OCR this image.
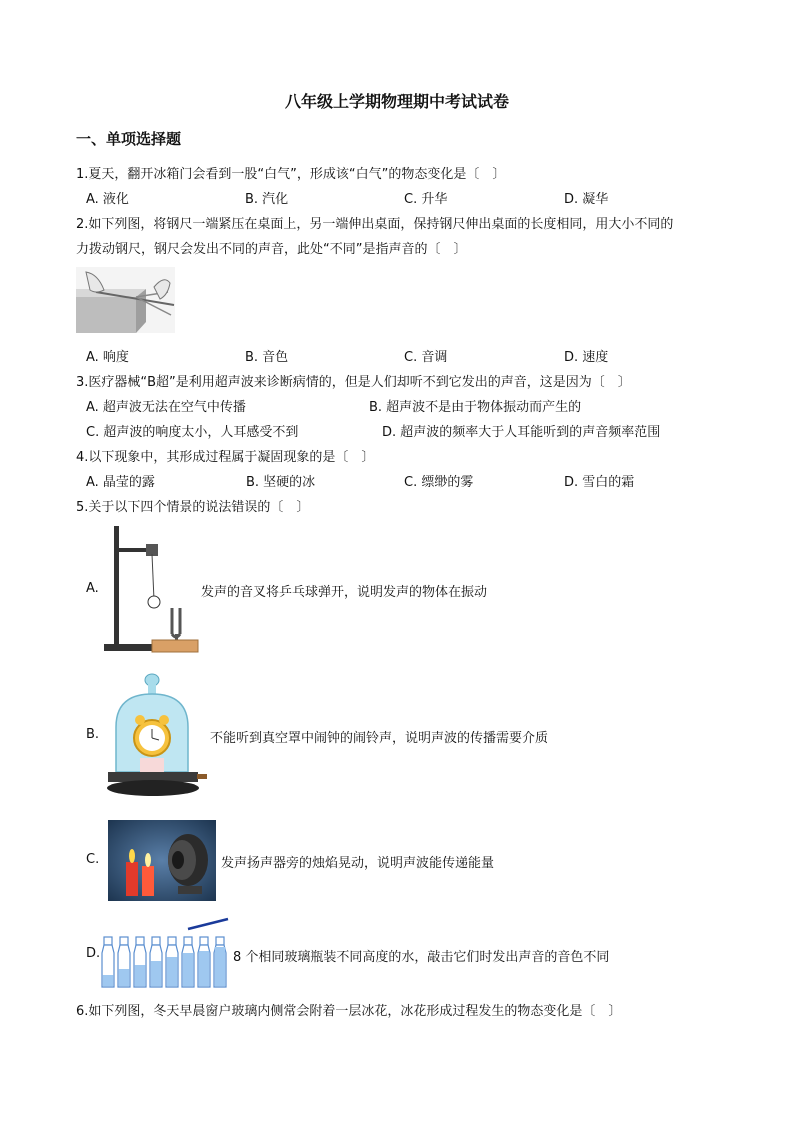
八年级上学期物理期中考试试卷
一、单项选择题
1.夏天，翻开冰箱门会看到一股“白气”，形成该“白气”的物态变化是〔　〕
A. 液化	B. 汽化	C. 升华	D. 凝华
2.如下列图，将钢尺一端紧压在桌面上，另一端伸出桌面，保持钢尺伸出桌面的长度相同，用大小不同的
力拨动钢尺，钢尺会发出不同的声音，此处“不同”是指声音的〔　〕
A. 响度	B. 音色	C. 音调	D. 速度
3.医疗器械“B超”是利用超声波来诊断病情的，但是人们却听不到它发出的声音，这是因为〔　〕
A. 超声波无法在空气中传播	B. 超声波不是由于物体振动而产生的
C. 超声波的响度太小，人耳感受不到	D. 超声波的频率大于人耳能听到的声音频率范围
4.以下现象中，其形成过程属于凝固现象的是〔　〕
A. 晶莹的露	B. 坚硬的冰	C. 缥缈的雾	D. 雪白的霜
5.关于以下四个情景的说法错误的〔　〕
A.	发声的音叉将乒乓球弹开，说明发声的物体在振动
B.	不能听到真空罩中闹钟的闹铃声，说明声波的传播需要介质
C.	发声扬声器旁的烛焰晃动，说明声波能传递能量
D.	8 个相同玻璃瓶装不同高度的水，敲击它们时发出声音的音色不同
6.如下列图，冬天早晨窗户玻璃内侧常会附着一层冰花，冰花形成过程发生的物态变化是〔　〕
